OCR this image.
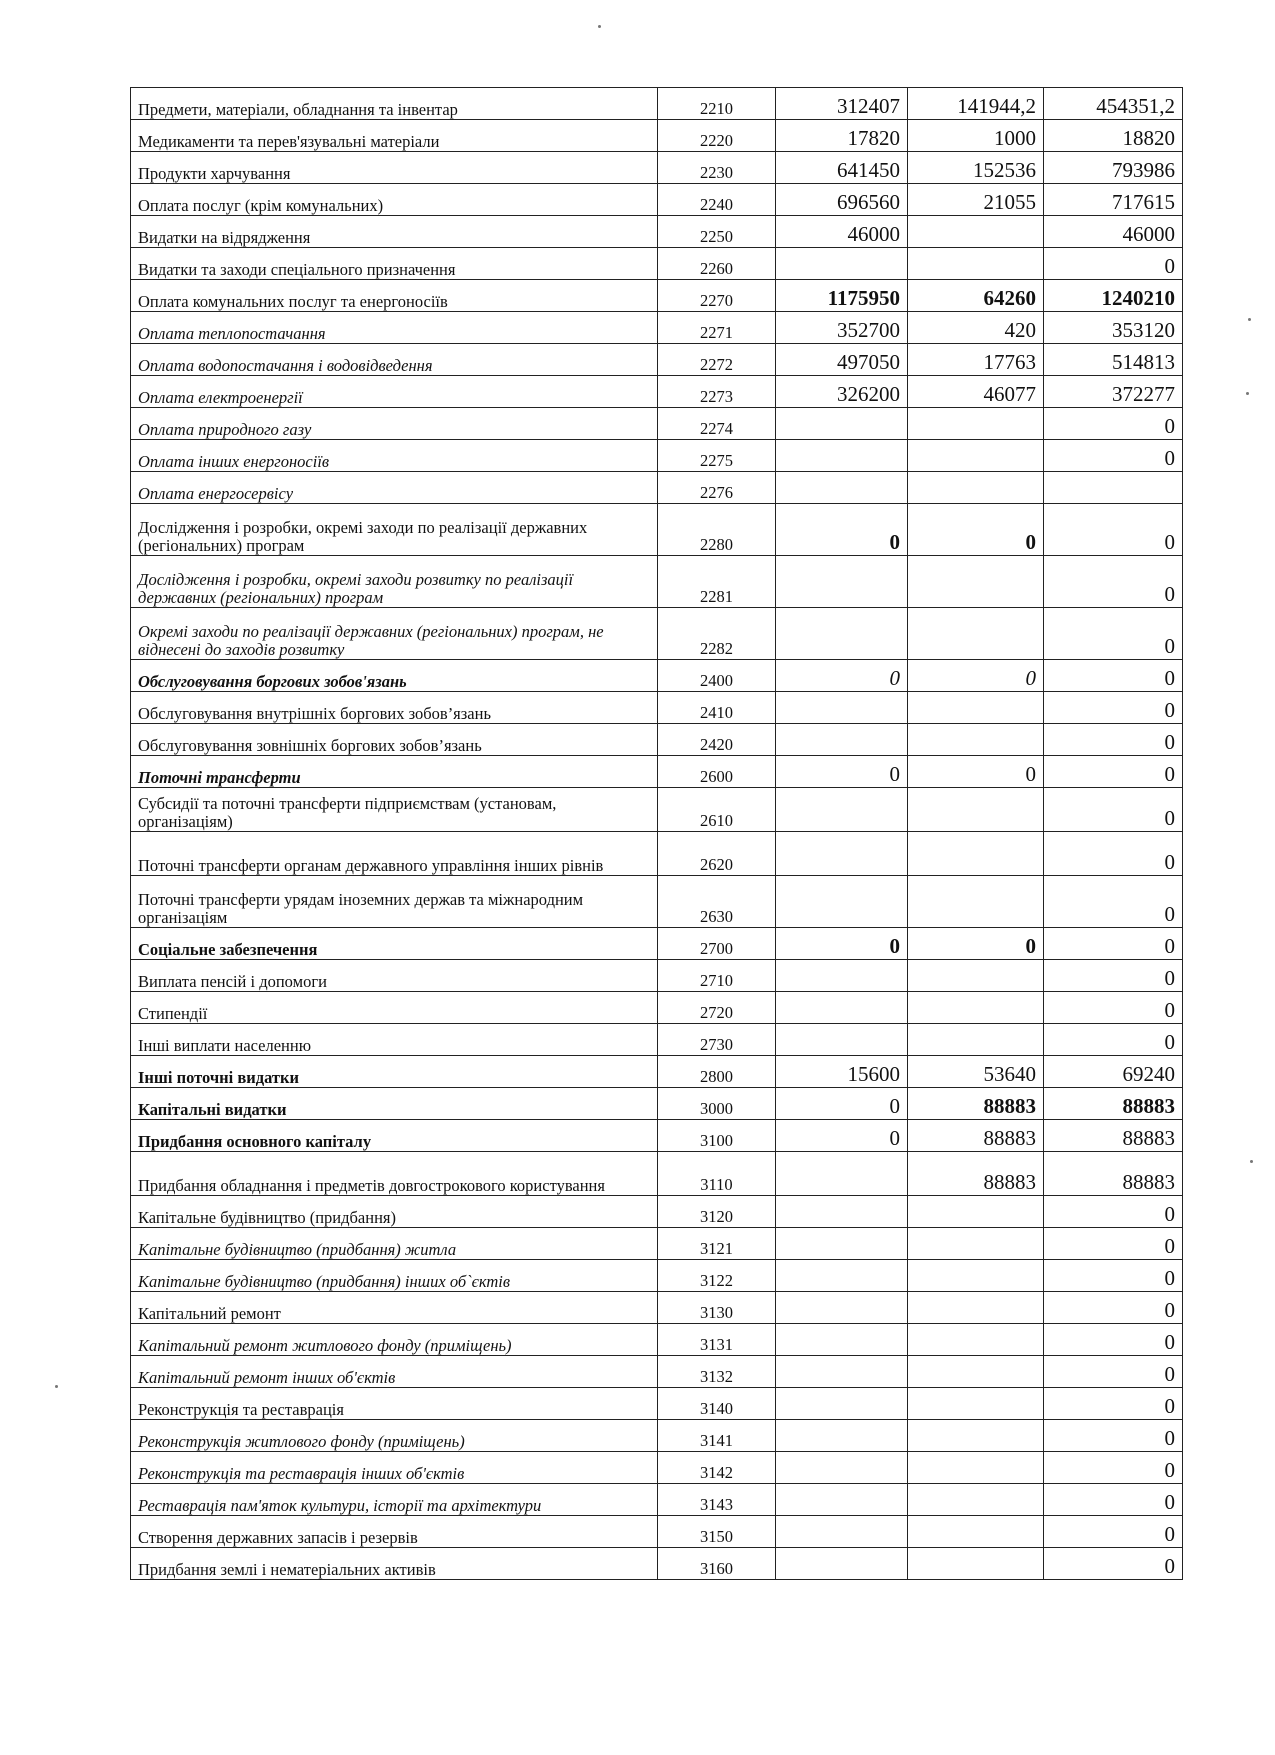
Предмети, матеріали, обладнання та інвентар	2210	312407	141944,2	454351,2
Медикаменти та перев'язувальні матеріали	2220	17820	1000	18820
Продукти харчування	2230	641450	152536	793986
Оплата послуг (крім комунальних)	2240	696560	21055	717615
Видатки на відрядження	2250	46000		46000
Видатки та заходи спеціального призначення	2260			0
Оплата комунальних послуг та енергоносіїв	2270	1175950	64260	1240210
Оплата теплопостачання	2271	352700	420	353120
Оплата водопостачання і водовідведення	2272	497050	17763	514813
Оплата електроенергії	2273	326200	46077	372277
Оплата природного газу	2274			0
Оплата інших енергоносіїв	2275			0
Оплата енергосервісу	2276			
Дослідження і розробки, окремі заходи по реалізації державних (регіональних) програм	2280	0	0	0
Дослідження і розробки, окремі заходи розвитку по реалізації державних (регіональних) програм	2281			0
Окремі заходи по реалізації державних (регіональних) програм, не віднесені до заходів розвитку	2282			0
Обслуговування боргових зобов'язань	2400	0	0	0
Обслуговування внутрішніх боргових зобов’язань	2410			0
Обслуговування зовнішніх боргових зобов’язань	2420			0
Поточні трансферти	2600	0	0	0
Субсидії та поточні трансферти підприємствам (установам, організаціям)	2610			0
Поточні трансферти органам державного управління інших рівнів	2620			0
Поточні трансферти урядам іноземних держав та міжнародним організаціям	2630			0
Соціальне забезпечення	2700	0	0	0
Виплата пенсій і допомоги	2710			0
Стипендії	2720			0
Інші виплати населенню	2730			0
Інші поточні видатки	2800	15600	53640	69240
Капітальні видатки	3000	0	88883	88883
Придбання основного капіталу	3100	0	88883	88883
Придбання обладнання і предметів довгострокового користування	3110		88883	88883
Капітальне будівництво (придбання)	3120			0
Капітальне будівництво (придбання) житла	3121			0
Капітальне будівництво (придбання) інших об`єктів	3122			0
Капітальний ремонт	3130			0
Капітальний ремонт житлового фонду (приміщень)	3131			0
Капітальний ремонт інших об'єктів	3132			0
Реконструкція та реставрація	3140			0
Реконструкція житлового фонду (приміщень)	3141			0
Реконструкція та реставрація інших об'єктів	3142			0
Реставрація пам'яток культури, історії та архітектури	3143			0
Створення державних запасів і резервів	3150			0
Придбання землі і нематеріальних активів	3160			0
